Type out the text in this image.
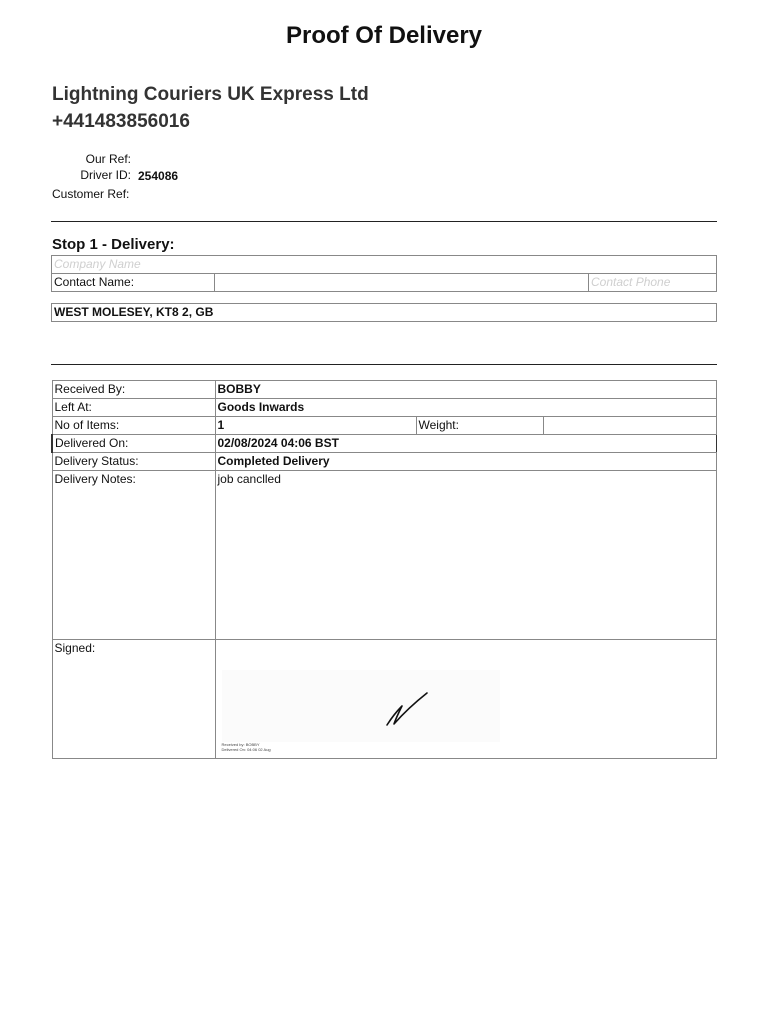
Proof Of Delivery
Lightning Couriers UK Express Ltd
+441483856016
Our Ref:
Driver ID: 254086
Customer Ref:
Stop 1 - Delivery:
Company Name
Contact Name:		Contact Phone
WEST MOLESEY, KT8 2, GB
Received By:	BOBBY		
Left At:	Goods Inwards		
No of Items:	1	Weight:	
Delivered On:	02/08/2024 04:06 BST		
Delivery Status:	Completed Delivery		
Delivery Notes:	job canclled		
Signed:	Received by: BOBBY
Delivered On: 04:06 02 Aug		
